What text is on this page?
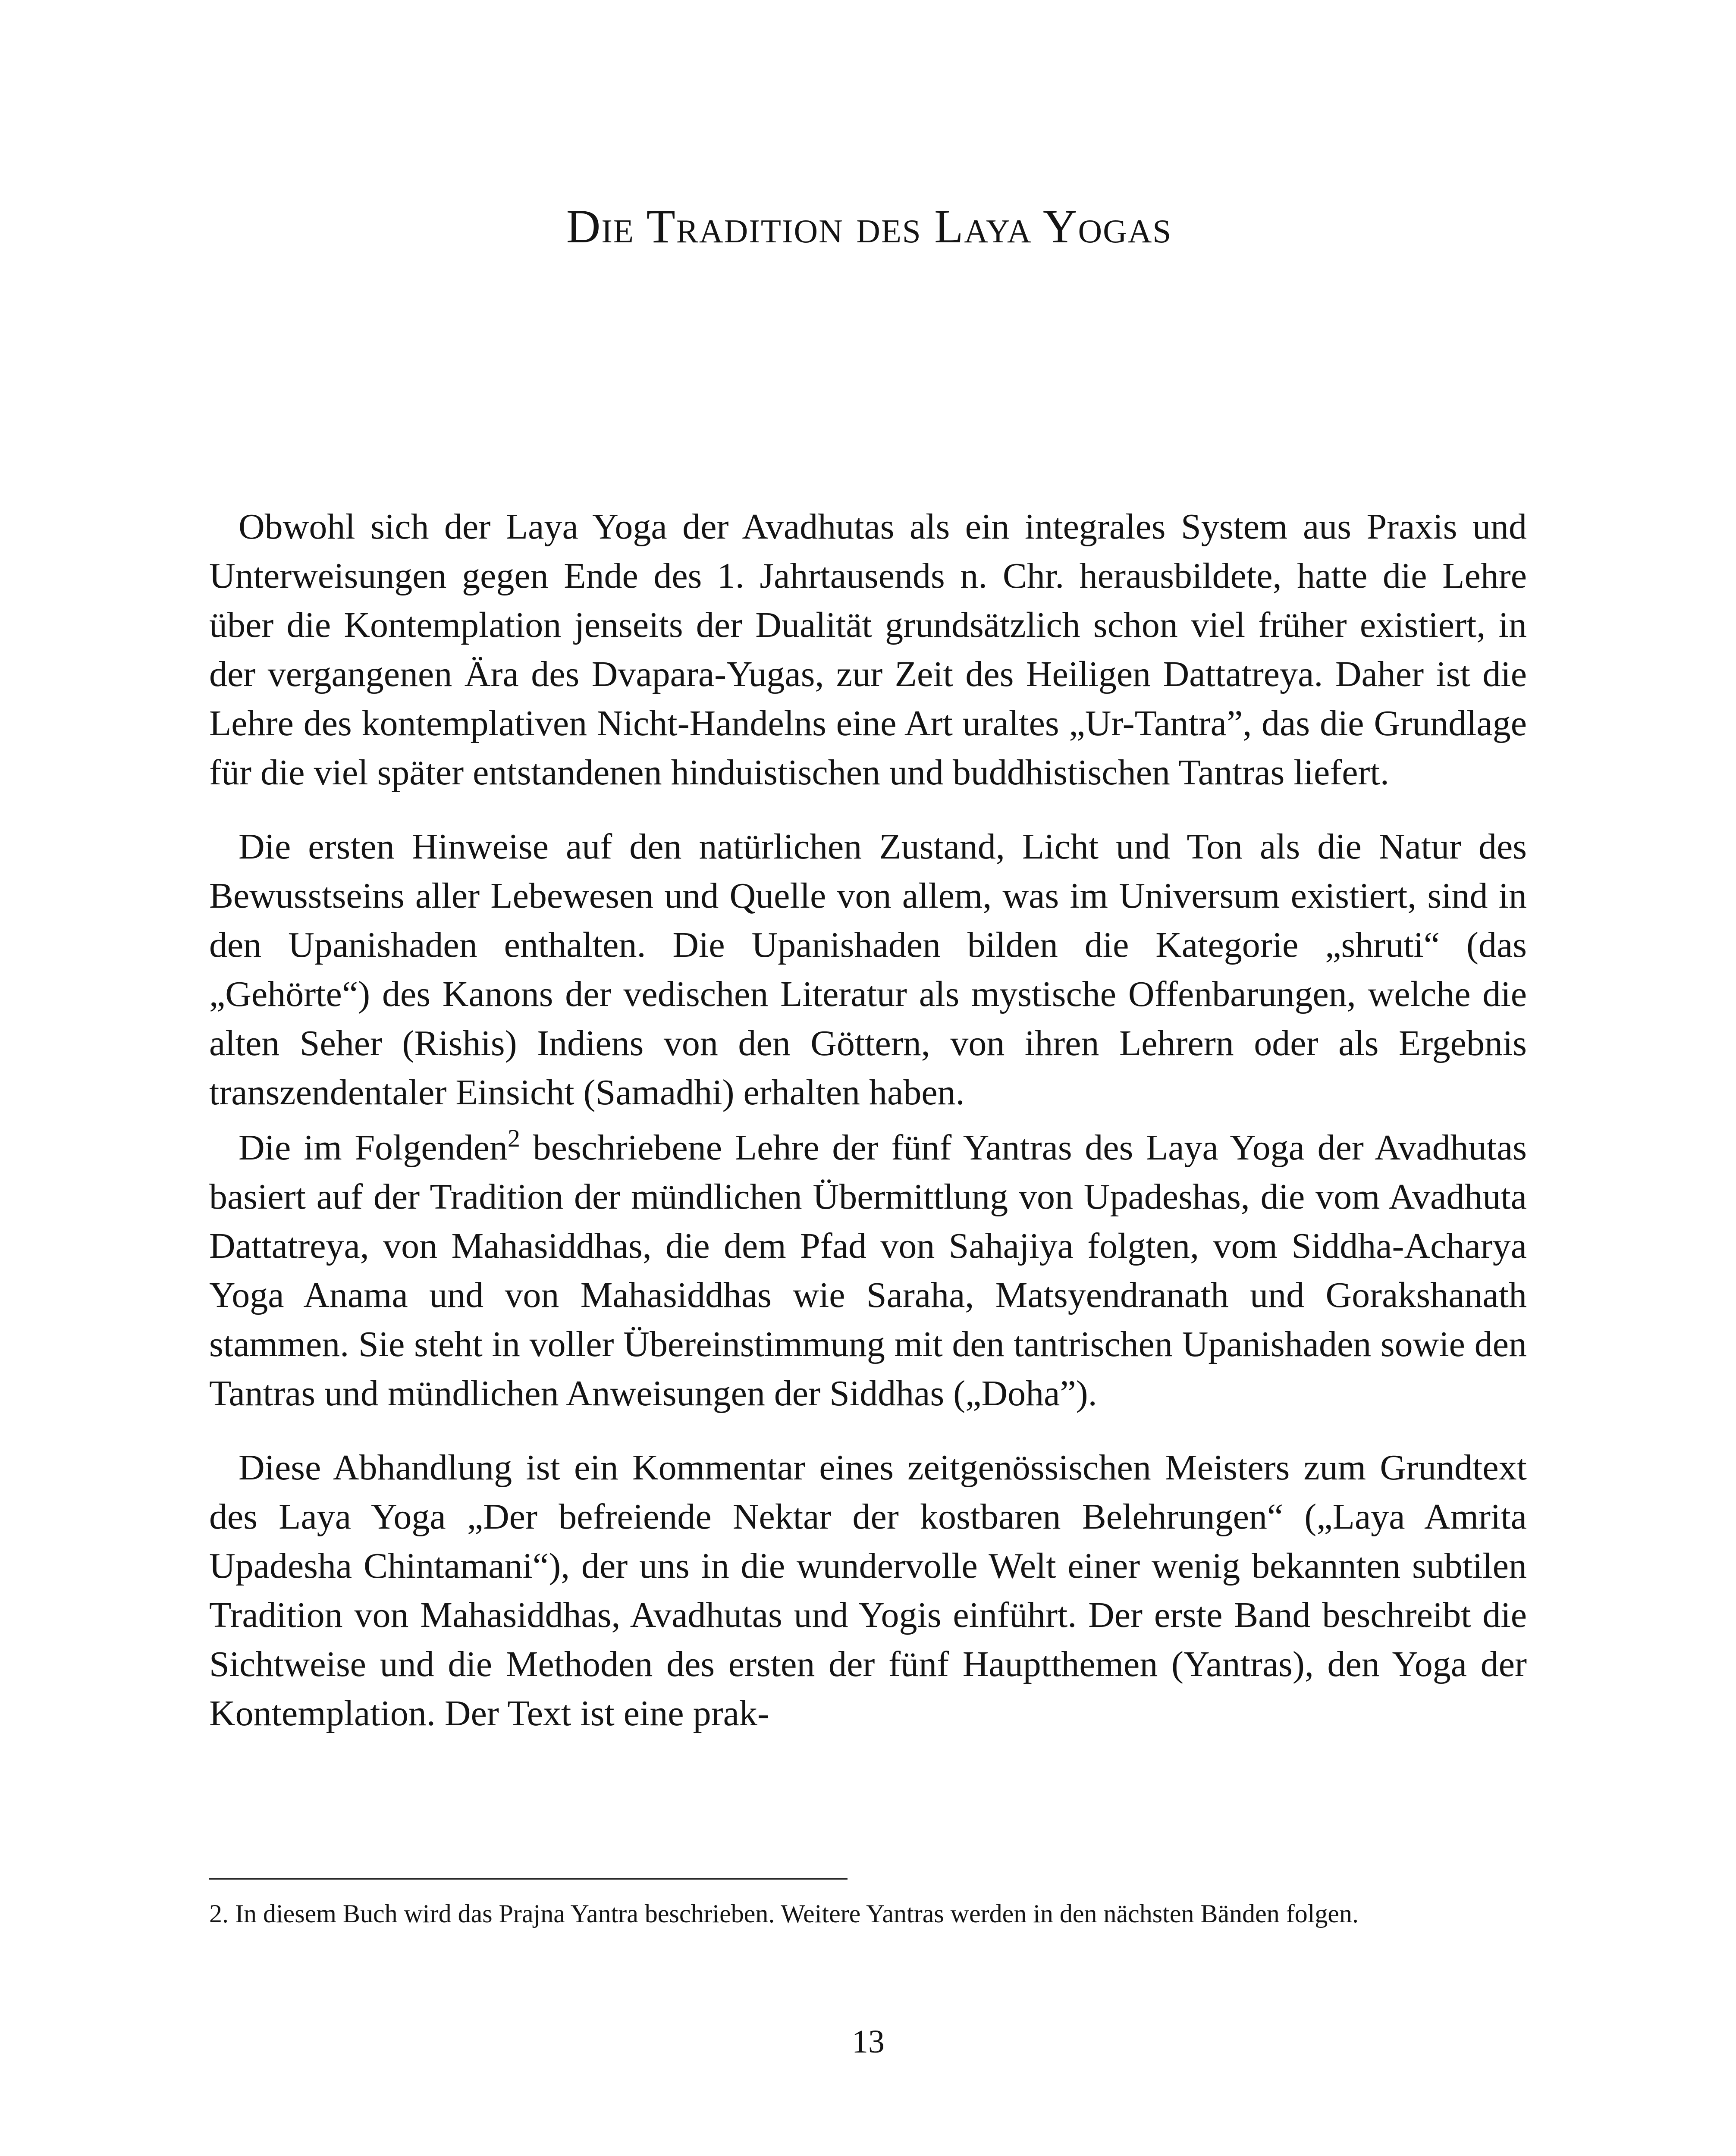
Die Tradition des Laya Yogas

Obwohl sich der Laya Yoga der Avadhutas als ein integrales System aus Praxis und Unterweisungen gegen Ende des 1. Jahrtausends n. Chr. herausbildete, hatte die Lehre über die Kontemplation jenseits der Dualität grundsätzlich schon viel früher existiert, in der vergangenen Ära des Dvapara-Yugas, zur Zeit des Heiligen Dattatreya. Daher ist die Lehre des kontemplativen Nicht-Handelns eine Art uraltes „Ur-Tantra”, das die Grundlage für die viel später entstandenen hinduistischen und buddhistischen Tantras liefert.

Die ersten Hinweise auf den natürlichen Zustand, Licht und Ton als die Natur des Bewusstseins aller Lebewesen und Quelle von allem, was im Universum existiert, sind in den Upanishaden enthalten. Die Upanishaden bilden die Kategorie „shruti“ (das „Gehörte“) des Kanons der vedischen Literatur als mystische Offenbarungen, welche die alten Seher (Rishis) Indiens von den Göttern, von ihren Lehrern oder als Ergebnis transzendentaler Einsicht (Samadhi) erhalten haben.

Die im Folgenden$^2$ beschriebene Lehre der fünf Yantras des Laya Yoga der Avadhutas basiert auf der Tradition der mündlichen Übermittlung von Upadeshas, die vom Avadhuta Dattatreya, von Mahasiddhas, die dem Pfad von Sahajiya folgten, vom Siddha-Acharya Yoga Anama und von Mahasiddhas wie Saraha, Matsyendranath und Gorakshanath stammen. Sie steht in voller Übereinstimmung mit den tantrischen Upanishaden sowie den Tantras und mündlichen Anweisungen der Siddhas („Doha”).

Diese Abhandlung ist ein Kommentar eines zeitgenössischen Meisters zum Grundtext des Laya Yoga „Der befreiende Nektar der kostbaren Belehrungen“ („Laya Amrita Upadesha Chintamani“), der uns in die wundervolle Welt einer wenig bekannten subtilen Tradition von Mahasiddhas, Avadhutas und Yogis einführt. Der erste Band beschreibt die Sichtweise und die Methoden des ersten der fünf Hauptthemen (Yantras), den Yoga der Kontemplation. Der Text ist eine prak-

2. In diesem Buch wird das Prajna Yantra beschrieben. Weitere Yantras werden in den nächsten Bänden folgen.
13
